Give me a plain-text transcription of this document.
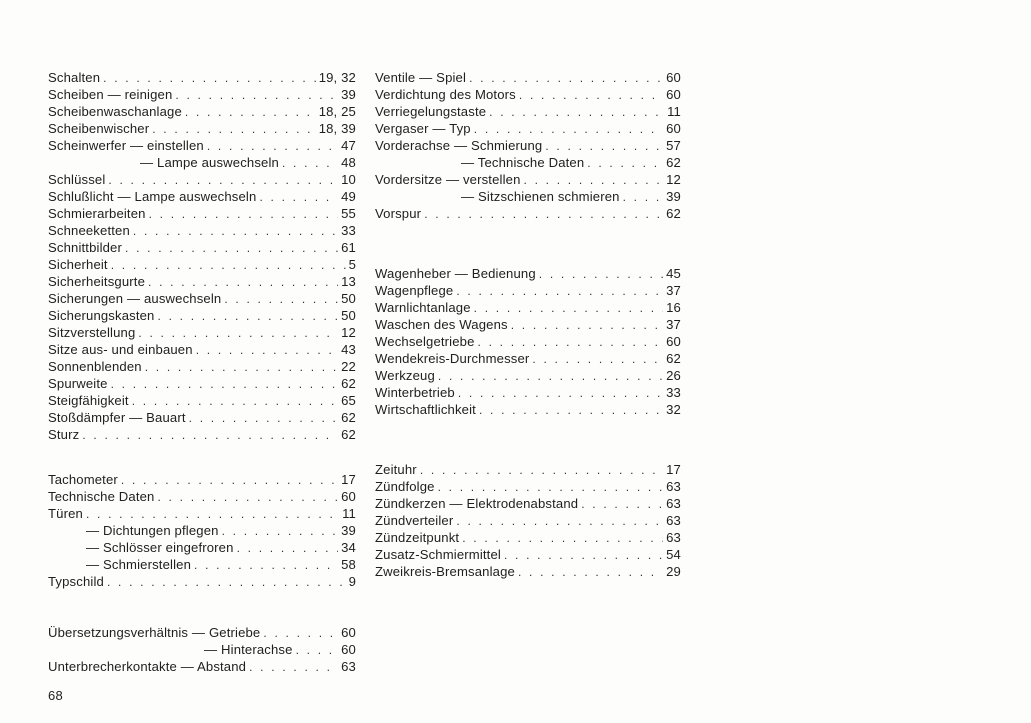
Schalten . . .	19, 32
Scheiben — reinigen . . .	39
Scheibenwaschanlage . . .	18, 25
Scheibenwischer . . .	18, 39
Scheinwerfer — einstellen . . .	47
— Lampe auswechseln . . .	48
Schlüssel . . .	10
Schlußlicht — Lampe auswechseln . . .	49
Schmierarbeiten . . .	55
Schneeketten . . .	33
Schnittbilder . . .	61
Sicherheit . . .	5
Sicherheitsgurte . . .	13
Sicherungen — auswechseln . . .	50
Sicherungskasten . . .	50
Sitzverstellung . . .	12
Sitze aus- und einbauen . . .	43
Sonnenblenden . . .	22
Spurweite . . .	62
Steigfähigkeit . . .	65
Stoßdämpfer — Bauart . . .	62
Sturz . . .	62
Tachometer . . .	17
Technische Daten . . .	60
Türen . . .	11
— Dichtungen pflegen . . .	39
— Schlösser eingefroren . . .	34
— Schmierstellen . . .	58
Typschild . . .	9
Übersetzungsverhältnis — Getriebe . . .	60
— Hinterachse . . .	60
Unterbrecherkontakte — Abstand . . .	63
Ventile — Spiel . . .	60
Verdichtung des Motors . . .	60
Verriegelungstaste . . .	11
Vergaser — Typ . . .	60
Vorderachse — Schmierung . . .	57
— Technische Daten . . .	62
Vordersitze — verstellen . . .	12
— Sitzschienen schmieren . . .	39
Vorspur . . .	62
Wagenheber — Bedienung . . .	45
Wagenpflege . . .	37
Warnlichtanlage . . .	16
Waschen des Wagens . . .	37
Wechselgetriebe . . .	60
Wendekreis-Durchmesser . . .	62
Werkzeug . . .	26
Winterbetrieb . . .	33
Wirtschaftlichkeit . . .	32
Zeituhr . . .	17
Zündfolge . . .	63
Zündkerzen — Elektrodenabstand . . .	63
Zündverteiler . . .	63
Zündzeitpunkt . . .	63
Zusatz-Schmiermittel . . .	54
Zweikreis-Bremsanlage . . .	29
68
